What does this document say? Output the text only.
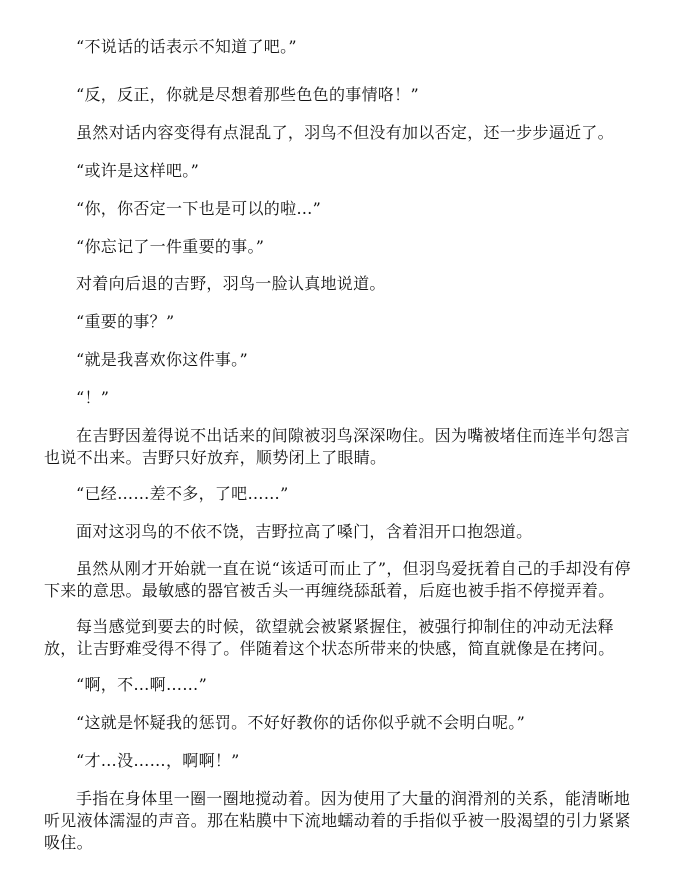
“不说话的话表示不知道了吧。”

“反，反正，你就是尽想着那些色色的事情咯！”

虽然对话内容变得有点混乱了，羽鸟不但没有加以否定，还一步步逼近了。

“或许是这样吧。”

“你，你否定一下也是可以的啦…”

“你忘记了一件重要的事。”

对着向后退的吉野，羽鸟一脸认真地说道。

“重要的事？”

“就是我喜欢你这件事。”

“！”

在吉野因羞得说不出话来的间隙被羽鸟深深吻住。因为嘴被堵住而连半句怨言也说不出来。吉野只好放弃，顺势闭上了眼睛。

“已经……差不多，了吧……”

面对这羽鸟的不依不饶，吉野拉高了嗓门，含着泪开口抱怨道。

虽然从刚才开始就一直在说“该适可而止了”，但羽鸟爱抚着自己的手却没有停下来的意思。最敏感的器官被舌头一再缠绕舔舐着，后庭也被手指不停搅弄着。

每当感觉到要去的时候，欲望就会被紧紧握住，被强行抑制住的冲动无法释放，让吉野难受得不得了。伴随着这个状态所带来的快感，简直就像是在拷问。

“啊，不…啊……”

“这就是怀疑我的惩罚。不好好教你的话你似乎就不会明白呢。”

“才…没……，啊啊！”

手指在身体里一圈一圈地搅动着。因为使用了大量的润滑剂的关系，能清晰地听见液体濡湿的声音。那在粘膜中下流地蠕动着的手指似乎被一股渴望的引力紧紧吸住。
